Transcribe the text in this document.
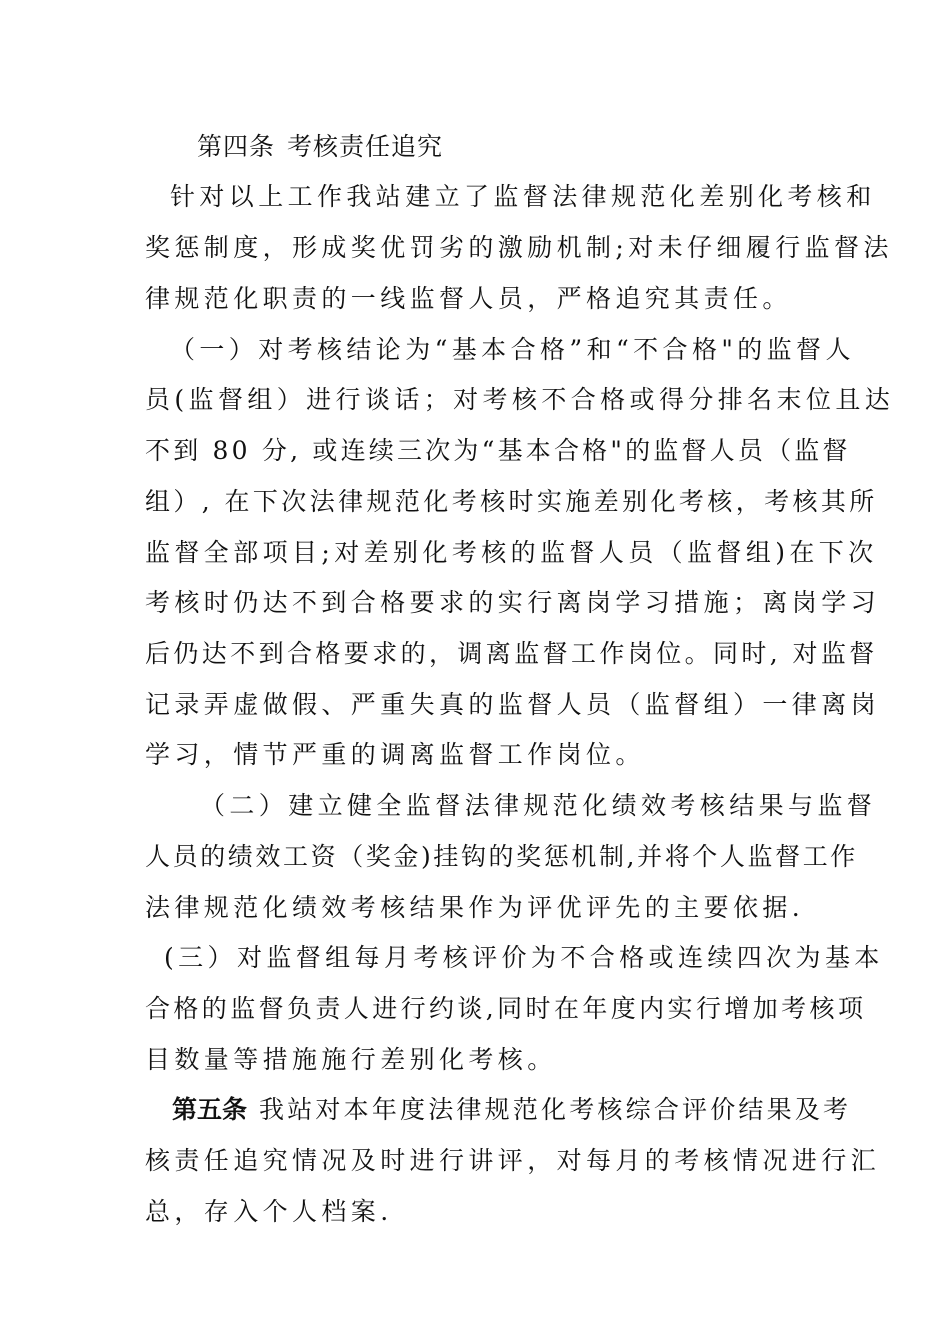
第四条 考核责任追究
针对以上工作我站建立了监督法律规范化差别化考核和
奖惩制度，形成奖优罚劣的激励机制;对未仔细履行监督法
律规范化职责的一线监督人员，严格追究其责任。
（一）对考核结论为“基本合格”和“不合格"的监督人
员(监督组）进行谈话；对考核不合格或得分排名末位且达
不到 80 分, 或连续三次为“基本合格"的监督人员（监督
组）, 在下次法律规范化考核时实施差别化考核，考核其所
监督全部项目;对差别化考核的监督人员（监督组)在下次
考核时仍达不到合格要求的实行离岗学习措施；离岗学习
后仍达不到合格要求的，调离监督工作岗位。同时, 对监督
记录弄虚做假、严重失真的监督人员（监督组）一律离岗
学习，情节严重的调离监督工作岗位。
（二）建立健全监督法律规范化绩效考核结果与监督
人员的绩效工资（奖金)挂钩的奖惩机制,并将个人监督工作
法律规范化绩效考核结果作为评优评先的主要依据.
(三）对监督组每月考核评价为不合格或连续四次为基本
合格的监督负责人进行约谈,同时在年度内实行增加考核项
目数量等措施施行差别化考核。
第五条 我站对本年度法律规范化考核综合评价结果及考
核责任追究情况及时进行讲评，对每月的考核情况进行汇
总，存入个人档案.
